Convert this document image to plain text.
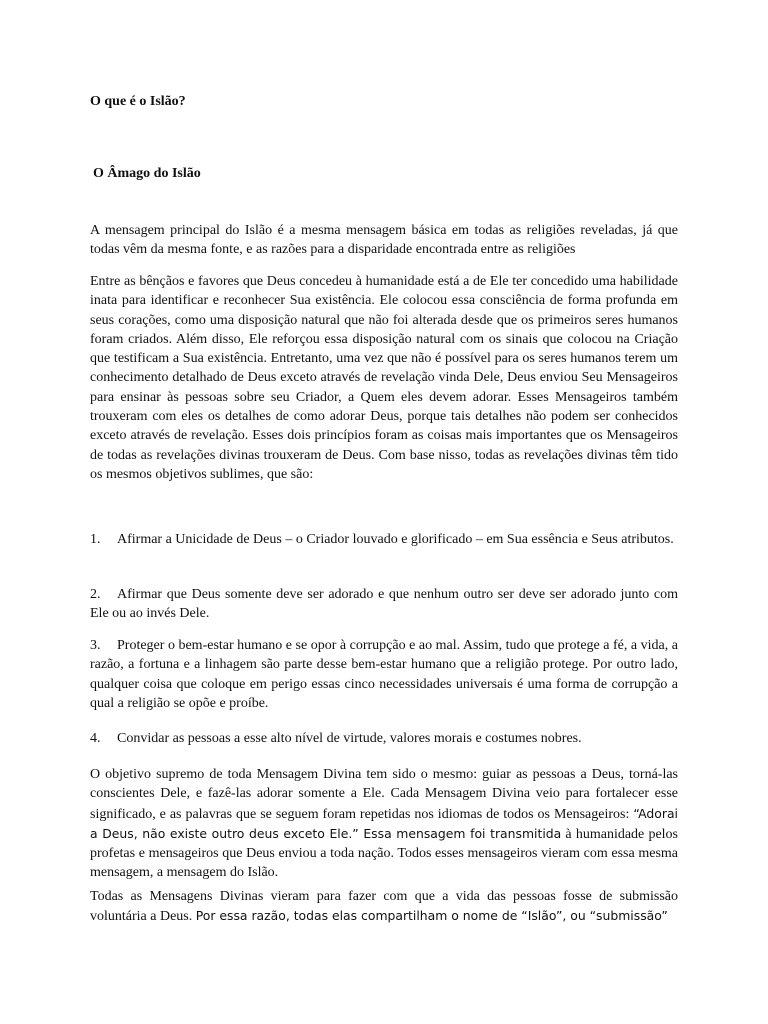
O que é o Islão?

O Âmago do Islão

A mensagem principal do Islão é a mesma mensagem básica em todas as religiões reveladas, já que todas vêm da mesma fonte, e as razões para a disparidade encontrada entre as religiões

Entre as bênçãos e favores que Deus concedeu à humanidade está a de Ele ter concedido uma habilidade inata para identificar e reconhecer Sua existência. Ele colocou essa consciência de forma profunda em seus corações, como uma disposição natural que não foi alterada desde que os primeiros seres humanos foram criados. Além disso, Ele reforçou essa disposição natural com os sinais que colocou na Criação que testificam a Sua existência. Entretanto, uma vez que não é possível para os seres humanos terem um conhecimento detalhado de Deus exceto através de revelação vinda Dele, Deus enviou Seu Mensageiros para ensinar às pessoas sobre seu Criador, a Quem eles devem adorar. Esses Mensageiros também trouxeram com eles os detalhes de como adorar Deus, porque tais detalhes não podem ser conhecidos exceto através de revelação. Esses dois princípios foram as coisas mais importantes que os Mensageiros de todas as revelações divinas trouxeram de Deus. Com base nisso, todas as revelações divinas têm tido os mesmos objetivos sublimes, que são:

1. Afirmar a Unicidade de Deus – o Criador louvado e glorificado – em Sua essência e Seus atributos.

2. Afirmar que Deus somente deve ser adorado e que nenhum outro ser deve ser adorado junto com Ele ou ao invés Dele.

3. Proteger o bem-estar humano e se opor à corrupção e ao mal. Assim, tudo que protege a fé, a vida, a razão, a fortuna e a linhagem são parte desse bem-estar humano que a religião protege. Por outro lado, qualquer coisa que coloque em perigo essas cinco necessidades universais é uma forma de corrupção a qual a religião se opõe e proíbe.

4. Convidar as pessoas a esse alto nível de virtude, valores morais e costumes nobres.

O objetivo supremo de toda Mensagem Divina tem sido o mesmo: guiar as pessoas a Deus, torná-las conscientes Dele, e fazê-las adorar somente a Ele. Cada Mensagem Divina veio para fortalecer esse significado, e as palavras que se seguem foram repetidas nos idiomas de todos os Mensageiros: “Adorai a Deus, não existe outro deus exceto Ele.” Essa mensagem foi transmitida à humanidade pelos profetas e mensageiros que Deus enviou a toda nação. Todos esses mensageiros vieram com essa mesma mensagem, a mensagem do Islão.

Todas as Mensagens Divinas vieram para fazer com que a vida das pessoas fosse de submissão voluntária a Deus. Por essa razão, todas elas compartilham o nome de “Islão”, ou “submissão”
